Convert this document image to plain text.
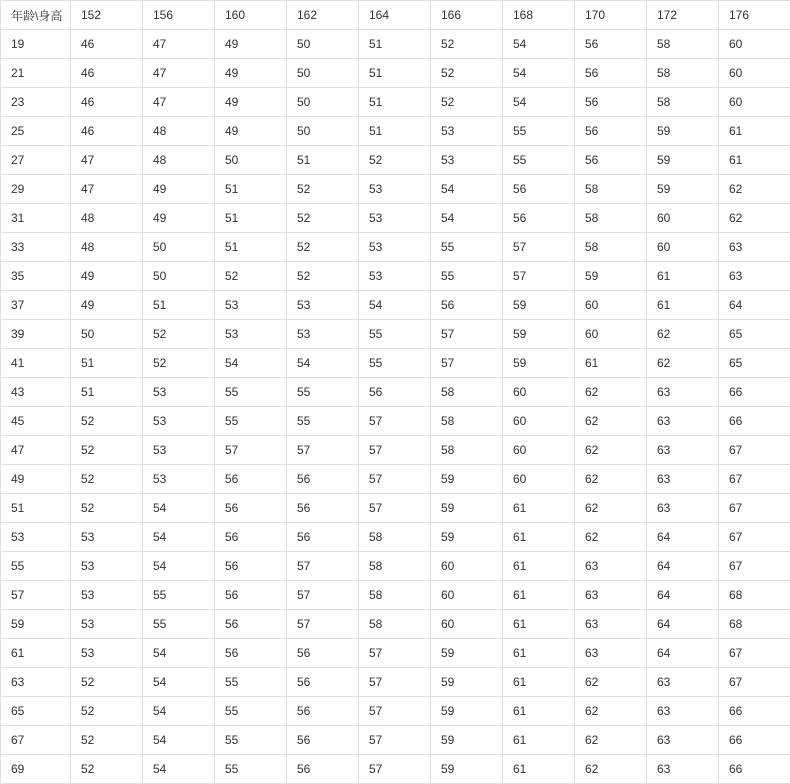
年龄\身高	152	156	160	162	164	166	168	170	172	176
19	46	47	49	50	51	52	54	56	58	60
21	46	47	49	50	51	52	54	56	58	60
23	46	47	49	50	51	52	54	56	58	60
25	46	48	49	50	51	53	55	56	59	61
27	47	48	50	51	52	53	55	56	59	61
29	47	49	51	52	53	54	56	58	59	62
31	48	49	51	52	53	54	56	58	60	62
33	48	50	51	52	53	55	57	58	60	63
35	49	50	52	52	53	55	57	59	61	63
37	49	51	53	53	54	56	59	60	61	64
39	50	52	53	53	55	57	59	60	62	65
41	51	52	54	54	55	57	59	61	62	65
43	51	53	55	55	56	58	60	62	63	66
45	52	53	55	55	57	58	60	62	63	66
47	52	53	57	57	57	58	60	62	63	67
49	52	53	56	56	57	59	60	62	63	67
51	52	54	56	56	57	59	61	62	63	67
53	53	54	56	56	58	59	61	62	64	67
55	53	54	56	57	58	60	61	63	64	67
57	53	55	56	57	58	60	61	63	64	68
59	53	55	56	57	58	60	61	63	64	68
61	53	54	56	56	57	59	61	63	64	67
63	52	54	55	56	57	59	61	62	63	67
65	52	54	55	56	57	59	61	62	63	66
67	52	54	55	56	57	59	61	62	63	66
69	52	54	55	56	57	59	61	62	63	66
